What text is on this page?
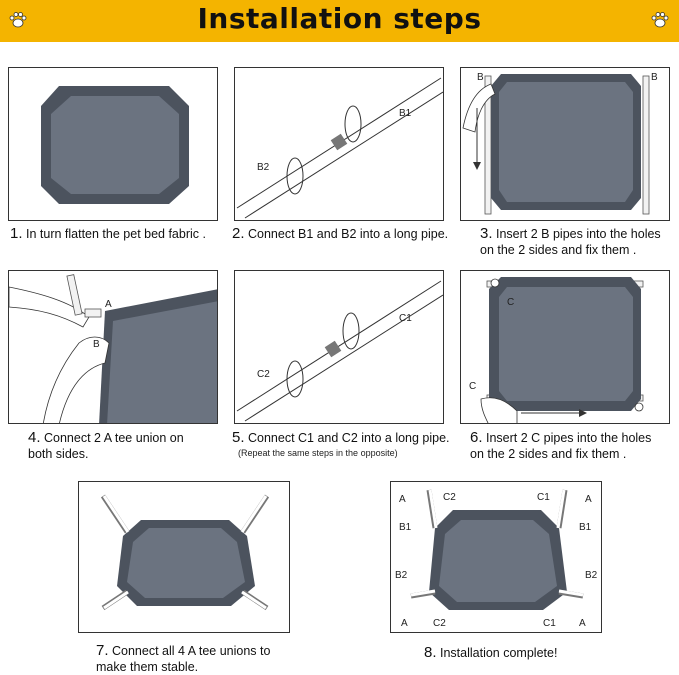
Installation steps
1. In turn flatten the pet bed fabric .
B1
B2
2. Connect B1 and B2 into a long pipe.
B	B
3. Insert 2 B pipes into the holes
on the 2 sides and fix them .
A
B
4. Connect 2 A tee union on
both sides.
C1
C2
5. Connect C1 and C2 into a long pipe.
(Repeat the same steps in the opposite)
C
C
6. Insert 2 C pipes into the holes
on the 2 sides and fix them .
7. Connect all 4 A tee unions to
make them stable.
A	C2	C1	A
B1	B1
B2	B2
A	C2	C1 A
8. Installation complete!
